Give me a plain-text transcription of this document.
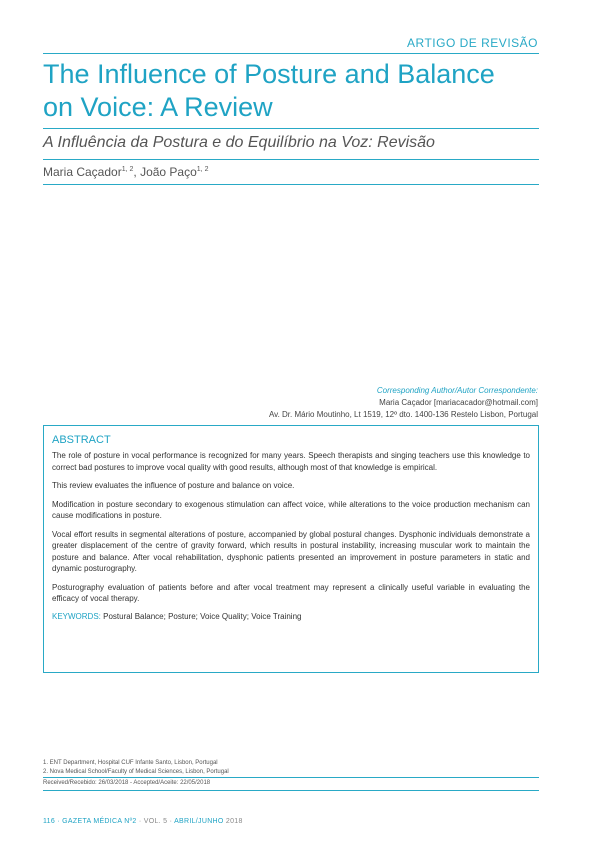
ARTIGO DE REVISÃO
The Influence of Posture and Balance
on Voice: A Review
A Influência da Postura e do Equilíbrio na Voz: Revisão
Maria Caçador$^{1, 2}$, João Paço$^{1, 2}$
Corresponding Author/Autor Correspondente:
Maria Caçador [mariacacador@hotmail.com]
Av. Dr. Mário Moutinho, Lt 1519, 12º dto. 1400-136 Restelo Lisbon, Portugal
ABSTRACT

The role of posture in vocal performance is recognized for many years. Speech therapists and singing teachers use this knowledge to correct bad postures to improve vocal quality with good results, although most of that knowledge is empirical.

This review evaluates the influence of posture and balance on voice.

Modification in posture secondary to exogenous stimulation can affect voice, while alterations to the voice production mechanism can cause modifications in posture.

Vocal effort results in segmental alterations of posture, accompanied by global postural changes. Dysphonic individuals demonstrate a greater displacement of the centre of gravity forward, which results in postural instability, increasing muscular work to maintain the posture and balance. After vocal rehabilitation, dysphonic patients presented an improvement in posture parameters in static and dynamic posturography.

Posturography evaluation of patients before and after vocal treatment may represent a clinically useful variable in evaluating the efficacy of vocal therapy.

KEYWORDS: Postural Balance; Posture; Voice Quality; Voice Training
1. ENT Department, Hospital CUF Infante Santo, Lisbon, Portugal
2. Nova Medical School/Faculty of Medical Sciences, Lisbon, Portugal
Received/Recebido: 26/03/2018 - Accepted/Aceite: 22/05/2018
116 · GAZETA MÉDICA Nº2 · VOL. 5 · ABRIL/JUNHO 2018
